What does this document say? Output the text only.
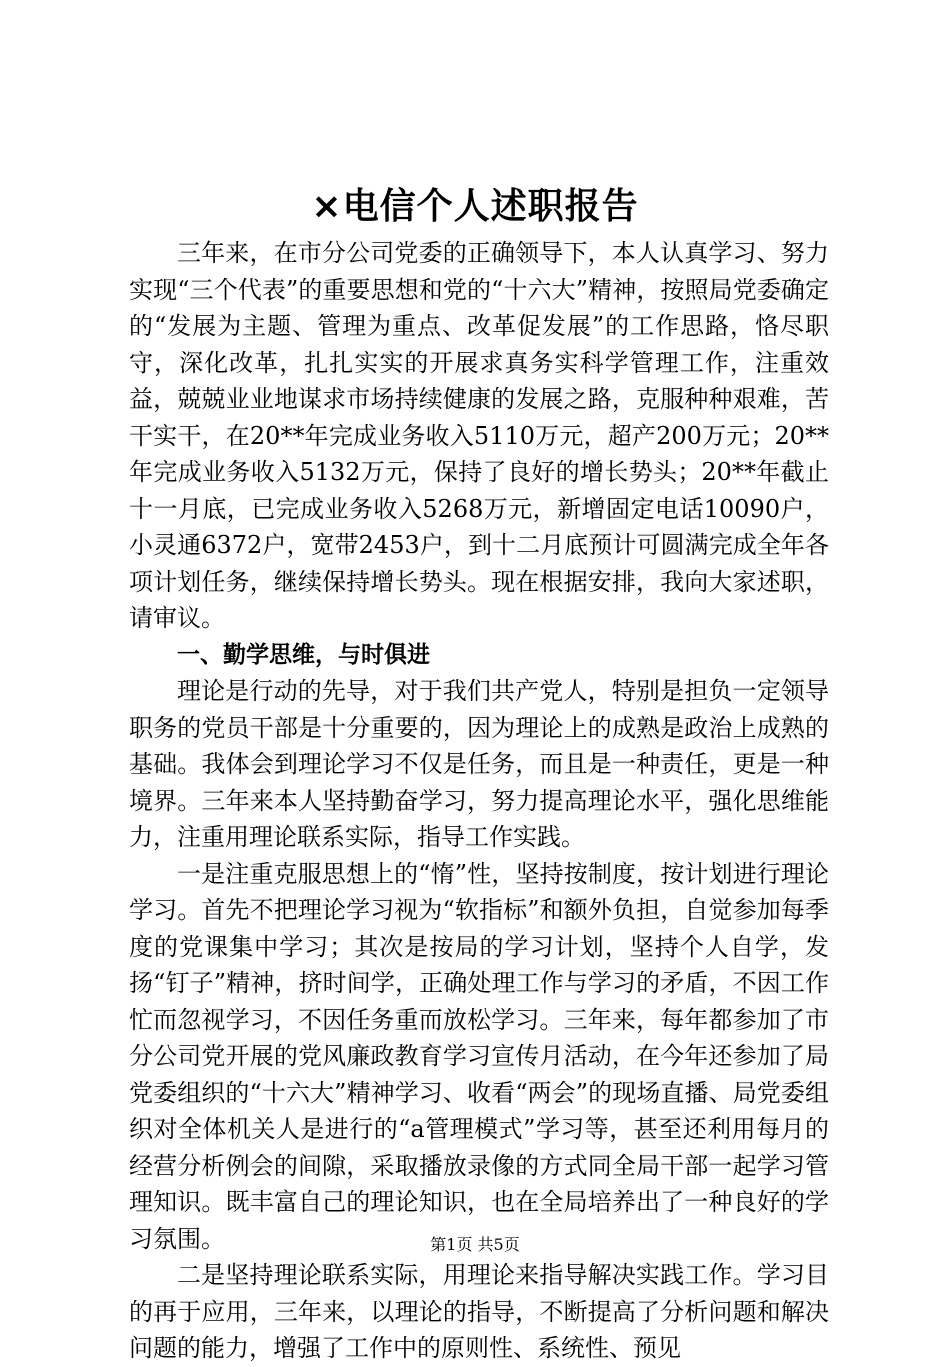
×电信个人述职报告

三年来，在市分公司党委的正确领导下，本人认真学习、努力实现“三个代表”的重要思想和党的“十六大”精神，按照局党委确定的“发展为主题、管理为重点、改革促发展”的工作思路，恪尽职守，深化改革，扎扎实实的开展求真务实科学管理工作，注重效益，兢兢业业地谋求市场持续健康的发展之路，克服种种艰难，苦干实干，在20**年完成业务收入5110万元，超产200万元；20**年完成业务收入5132万元，保持了良好的增长势头；20**年截止十一月底，已完成业务收入5268万元，新增固定电话10090户，小灵通6372户，宽带2453户，到十二月底预计可圆满完成全年各项计划任务，继续保持增长势头。现在根据安排，我向大家述职，请审议。

一、勤学思维，与时俱进

理论是行动的先导，对于我们共产党人，特别是担负一定领导职务的党员干部是十分重要的，因为理论上的成熟是政治上成熟的基础。我体会到理论学习不仅是任务，而且是一种责任，更是一种境界。三年来本人坚持勤奋学习，努力提高理论水平，强化思维能力，注重用理论联系实际，指导工作实践。

一是注重克服思想上的“惰”性，坚持按制度，按计划进行理论学习。首先不把理论学习视为“软指标”和额外负担，自觉参加每季度的党课集中学习；其次是按局的学习计划，坚持个人自学，发扬“钉子”精神，挤时间学，正确处理工作与学习的矛盾，不因工作忙而忽视学习，不因任务重而放松学习。三年来，每年都参加了市分公司党开展的党风廉政教育学习宣传月活动，在今年还参加了局党委组织的“十六大”精神学习、收看“两会”的现场直播、局党委组织对全体机关人是进行的“a管理模式”学习等，甚至还利用每月的经营分析例会的间隙，采取播放录像的方式同全局干部一起学习管理知识。既丰富自己的理论知识，也在全局培养出了一种良好的学习氛围。

二是坚持理论联系实际，用理论来指导解决实践工作。学习目的再于应用，三年来，以理论的指导，不断提高了分析问题和解决问题的能力，增强了工作中的原则性、系统性、预见

第1页 共5页
